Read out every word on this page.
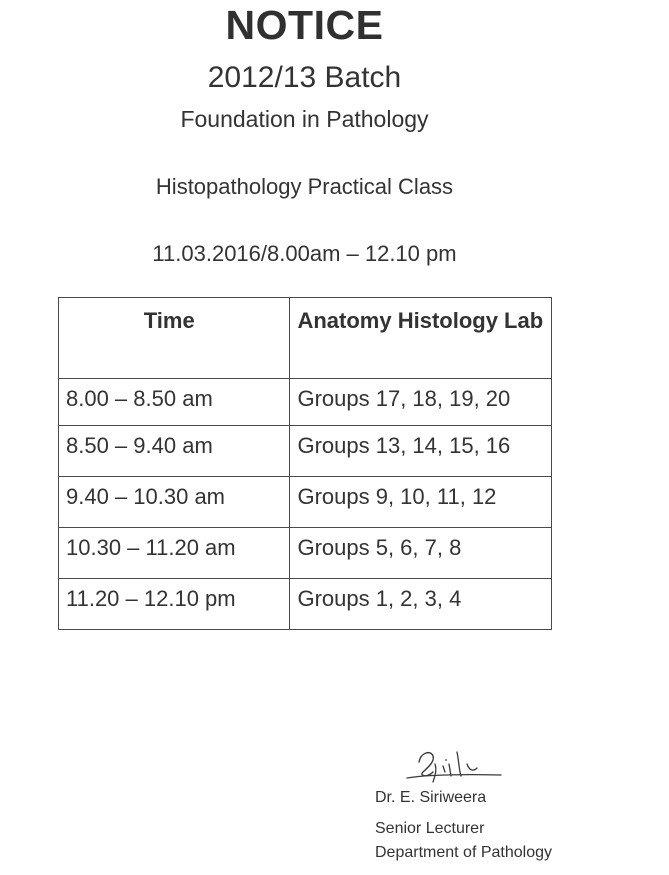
NOTICE
2012/13 Batch
Foundation in Pathology
Histopathology Practical Class
11.03.2016/8.00am – 12.10 pm
Time	Anatomy Histology Lab
8.00 – 8.50 am	Groups 17, 18, 19, 20
8.50 – 9.40 am	Groups 13, 14, 15, 16
9.40 – 10.30 am	Groups 9, 10, 11, 12
10.30 – 11.20 am	Groups 5, 6, 7, 8
11.20 – 12.10 pm	Groups 1, 2, 3, 4
Dr. E. Siriweera
Senior Lecturer
Department of Pathology
